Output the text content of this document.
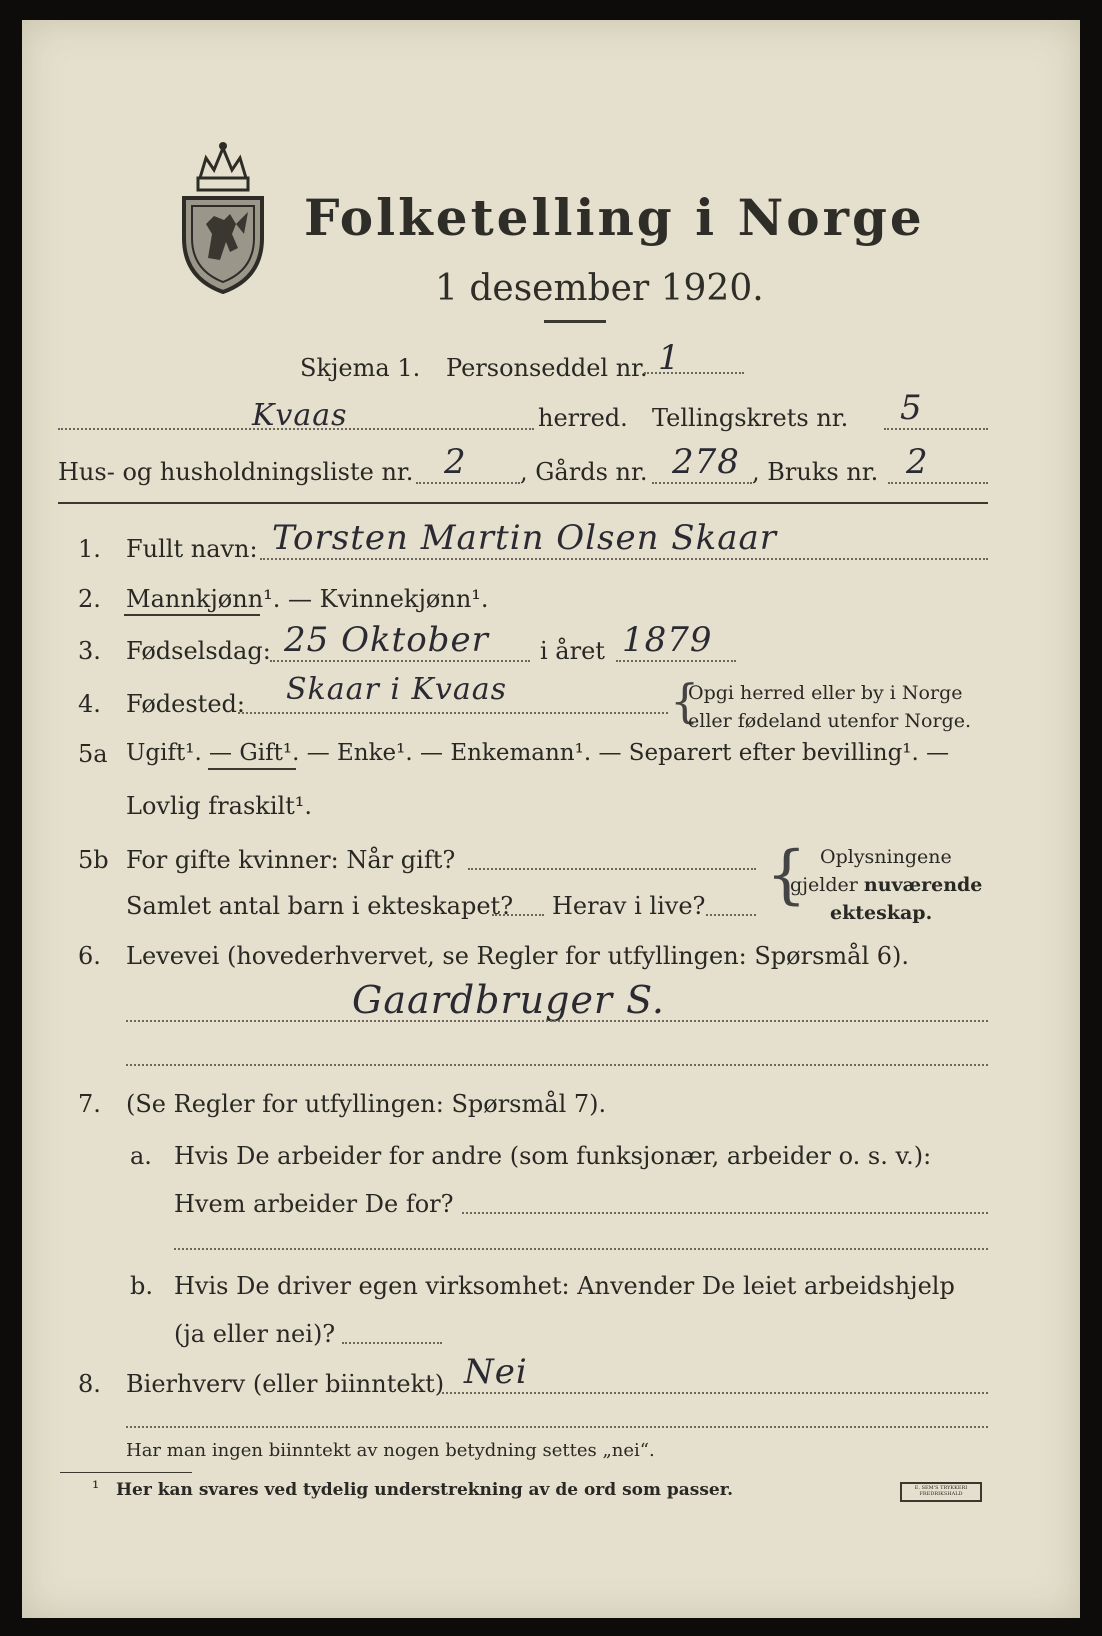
Folketelling i Norge
1 desember 1920.
Skjema 1. Personseddel nr. 1
Kvaas	herred. Tellingskrets nr. 5
Hus- og husholdningsliste nr. 2 , Gårds nr. 278 , Bruks nr. 2
1. Fullt navn: Torsten Martin Olsen Skaar
2. Mannkjønn¹. — Kvinnekjønn¹.
3. Fødselsdag: 25 Oktober i året 1879
4. Fødested: Skaar i Kvaas	{
Opgi herred eller by i Norge
eller fødeland utenfor Norge.
5a Ugift¹. — Gift¹. — Enke¹. — Enkemann¹. — Separert efter bevilling¹. —
Lovlig fraskilt¹.
5b For gifte kvinner: Når gift?
Samlet antal barn i ekteskapet? Herav i live? { Oplysningene
gjelder nuværende
ekteskap.
6. Levevei (hovederhvervet, se Regler for utfyllingen: Spørsmål 6).
Gaardbruger S.
7. (Se Regler for utfyllingen: Spørsmål 7).
a. Hvis De arbeider for andre (som funksjonær, arbeider o. s. v.):
Hvem arbeider De for?
b. Hvis De driver egen virksomhet: Anvender De leiet arbeidshjelp
(ja eller nei)?
8. Bierhverv (eller biinntekt) Nei
Har man ingen biinntekt av nogen betydning settes „nei“.
¹ Her kan svares ved tydelig understrekning av de ord som passer.	E. SEM'S TRYKKERI FREDRIKSHALD
